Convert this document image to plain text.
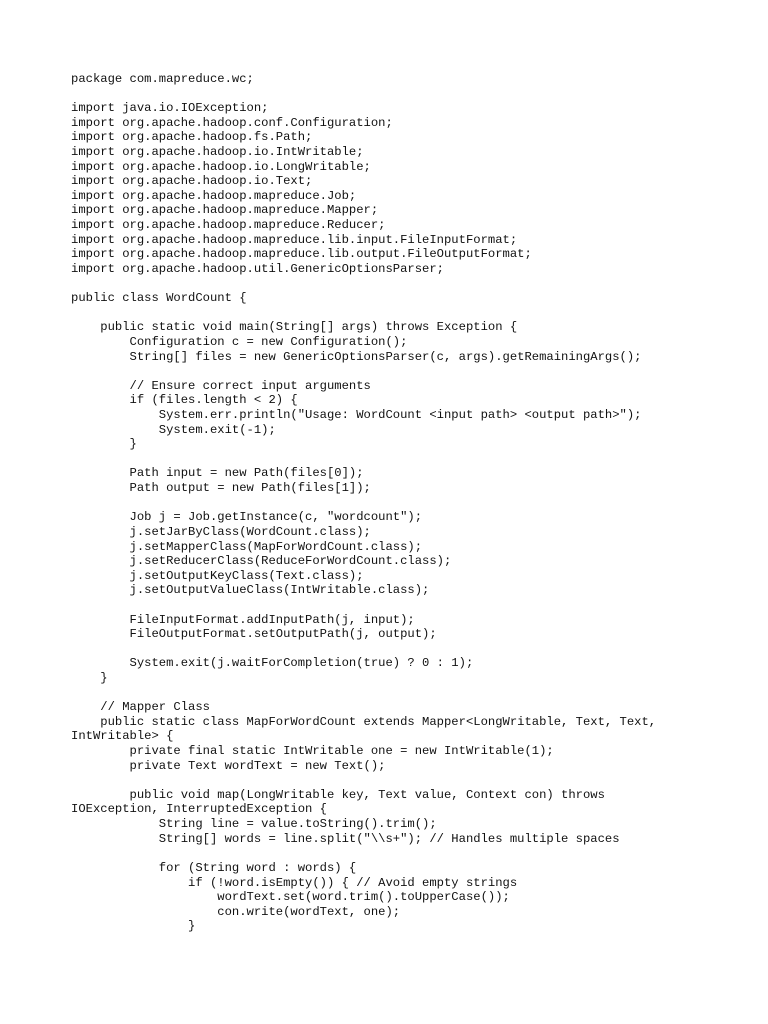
package com.mapreduce.wc;
import java.io.IOException;
import org.apache.hadoop.conf.Configuration;
import org.apache.hadoop.fs.Path;
import org.apache.hadoop.io.IntWritable;
import org.apache.hadoop.io.LongWritable;
import org.apache.hadoop.io.Text;
import org.apache.hadoop.mapreduce.Job;
import org.apache.hadoop.mapreduce.Mapper;
import org.apache.hadoop.mapreduce.Reducer;
import org.apache.hadoop.mapreduce.lib.input.FileInputFormat;
import org.apache.hadoop.mapreduce.lib.output.FileOutputFormat;
import org.apache.hadoop.util.GenericOptionsParser;
public class WordCount {
public static void main(String[] args) throws Exception {
Configuration c = new Configuration();
String[] files = new GenericOptionsParser(c, args).getRemainingArgs();
// Ensure correct input arguments
if (files.length < 2) {
System.err.println("Usage: WordCount <input path> <output path>");
System.exit(-1);
}
Path input = new Path(files[0]);
Path output = new Path(files[1]);
Job j = Job.getInstance(c, "wordcount");
j.setJarByClass(WordCount.class);
j.setMapperClass(MapForWordCount.class);
j.setReducerClass(ReduceForWordCount.class);
j.setOutputKeyClass(Text.class);
j.setOutputValueClass(IntWritable.class);
FileInputFormat.addInputPath(j, input);
FileOutputFormat.setOutputPath(j, output);
System.exit(j.waitForCompletion(true) ? 0 : 1);
}
// Mapper Class
public static class MapForWordCount extends Mapper<LongWritable, Text, Text,
IntWritable> {
private final static IntWritable one = new IntWritable(1);
private Text wordText = new Text();
public void map(LongWritable key, Text value, Context con) throws
IOException, InterruptedException {
String line = value.toString().trim();
String[] words = line.split("\\s+"); // Handles multiple spaces
for (String word : words) {
if (!word.isEmpty()) { // Avoid empty strings
wordText.set(word.trim().toUpperCase());
con.write(wordText, one);
}
